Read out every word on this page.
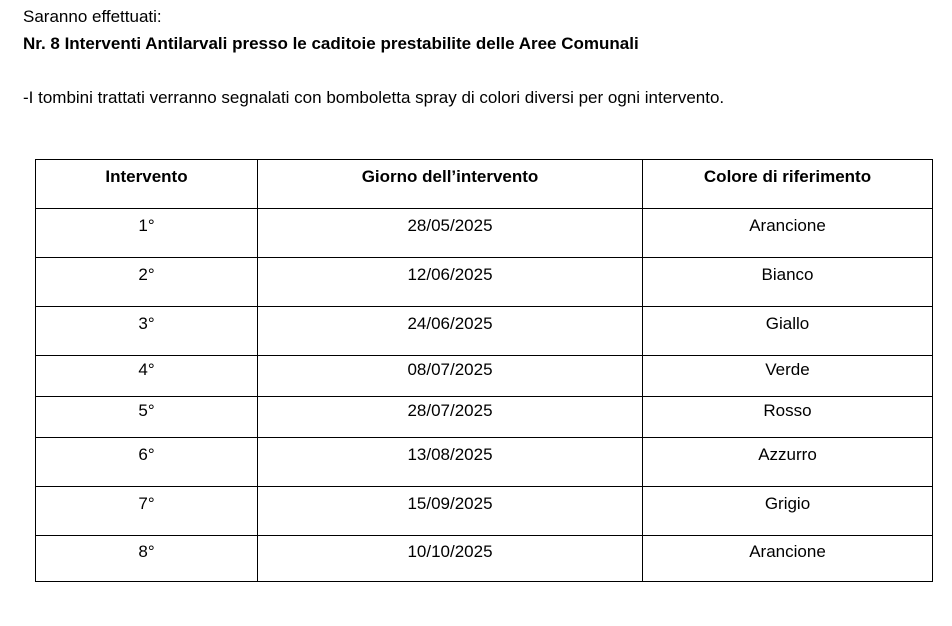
Saranno effettuati:
Nr. 8 Interventi Antilarvali presso le caditoie prestabilite delle Aree Comunali
-I tombini trattati verranno segnalati con bomboletta spray di colori diversi per ogni intervento.
Intervento	Giorno dell’intervento	Colore di riferimento
1°	28/05/2025	Arancione
2°	12/06/2025	Bianco
3°	24/06/2025	Giallo
4°	08/07/2025	Verde
5°	28/07/2025	Rosso
6°	13/08/2025	Azzurro
7°	15/09/2025	Grigio
8°	10/10/2025	Arancione
